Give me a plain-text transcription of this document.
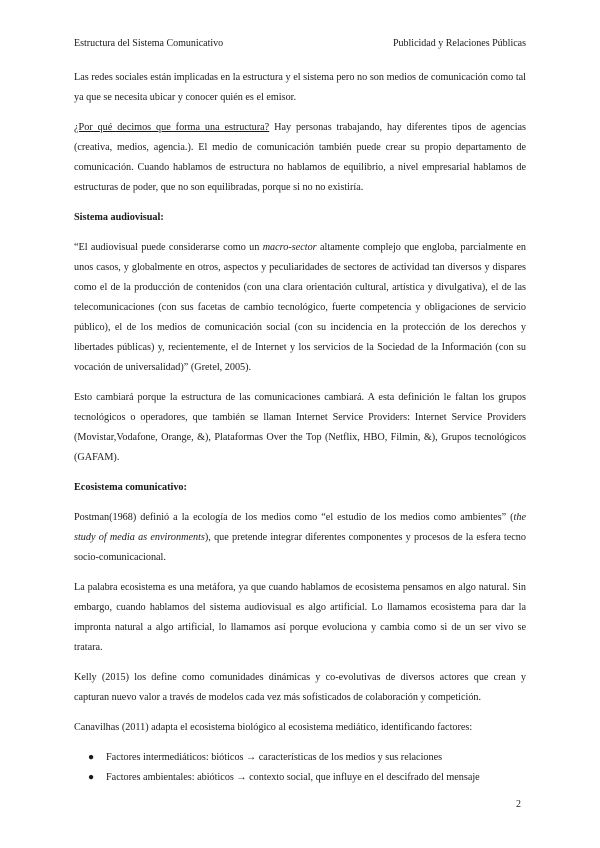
Estructura del Sistema Comunicativo	Publicidad y Relaciones Públicas

Las redes sociales están implicadas en la estructura y el sistema pero no son medios de comunicación como tal ya que se necesita ubicar y conocer quién es el emisor.

¿Por qué decimos que forma una estructura? Hay personas trabajando, hay diferentes tipos de agencias (creativa, medios, agencia.). El medio de comunicación también puede crear su propio departamento de comunicación. Cuando hablamos de estructura no hablamos de equilibrio, a nivel empresarial hablamos de estructuras de poder, que no son equilibradas, porque si no no existiría.

Sistema audiovisual:

“El audiovisual puede considerarse como un macro-sector altamente complejo que engloba, parcialmente en unos casos, y globalmente en otros, aspectos y peculiaridades de sectores de actividad tan diversos y dispares como el de la producción de contenidos (con una clara orientación cultural, artística y divulgativa), el de las telecomunicaciones (con sus facetas de cambio tecnológico, fuerte competencia y obligaciones de servicio público), el de los medios de comunicación social (con su incidencia en la protección de los derechos y libertades públicas) y, recientemente, el de Internet y los servicios de la Sociedad de la Información (con su vocación de universalidad)” (Gretel, 2005).

Esto cambiará porque la estructura de las comunicaciones cambiará. A esta definición le faltan los grupos tecnológicos o operadores, que también se llaman Internet Service Providers: Internet Service Providers (Movistar,Vodafone, Orange, &), Plataformas Over the Top (Netflix, HBO, Filmin, &), Grupos tecnológicos (GAFAM).

Ecosistema comunicativo:

Postman(1968) definió a la ecología de los medios como “el estudio de los medios como ambientes” (the study of media as environments), que pretende integrar diferentes componentes y procesos de la esfera tecno socio-comunicacional.

La palabra ecosistema es una metáfora, ya que cuando hablamos de ecosistema pensamos en algo natural. Sin embargo, cuando hablamos del sistema audiovisual es algo artificial. Lo llamamos ecosistema para dar la impronta natural a algo artificial, lo llamamos así porque evoluciona y cambia como si de un ser vivo se tratara.

Kelly (2015) los define como comunidades dinámicas y co-evolutivas de diversos actores que crean y capturan nuevo valor a través de modelos cada vez más sofisticados de colaboración y competición.

Canavilhas (2011) adapta el ecosistema biológico al ecosistema mediático, identificando factores:

● Factores intermediáticos: bióticos → características de los medios y sus relaciones
● Factores ambientales: abióticos → contexto social, que influye en el descifrado del mensaje
2
